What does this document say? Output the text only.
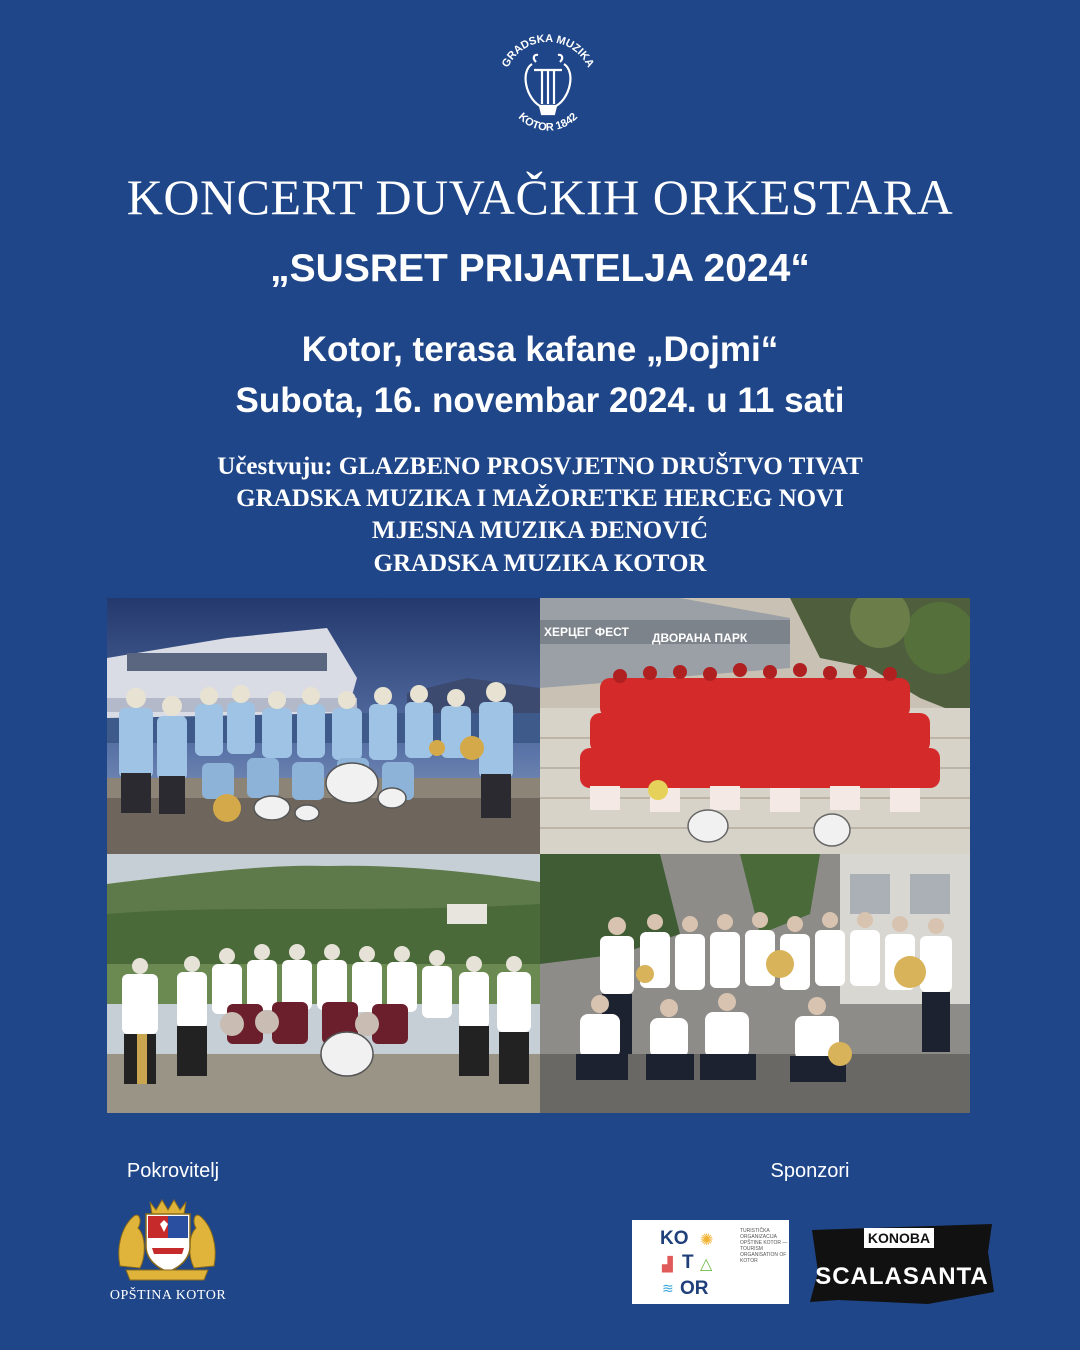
GRADSKA MUZIKA
KOTOR 1842
KONCERT DUVAČKIH ORKESTARA
„SUSRET PRIJATELJA 2024“
Kotor, terasa kafane „Dojmi“
Subota, 16. novembar 2024. u 11 sati
Učestvuju: GLAZBENO PROSVJETNO DRUŠTVO TIVAT
GRADSKA MUZIKA I MAŽORETKE HERCEG NOVI
MJESNA MUZIKA ĐENOVIĆ
GRADSKA MUZIKA KOTOR
ХЕРЦЕГ ФЕСТ ДВОРАНА ПАРК
Pokrovitelj	Sponzori
OPŠTINA KOTOR
KO ✺
▟ T △
≋ OR
TURISTIČKA ORGANIZACIJA OPŠTINE KOTOR — TOURISM ORGANISATION OF KOTOR
KONOBA
SCALASANTA
